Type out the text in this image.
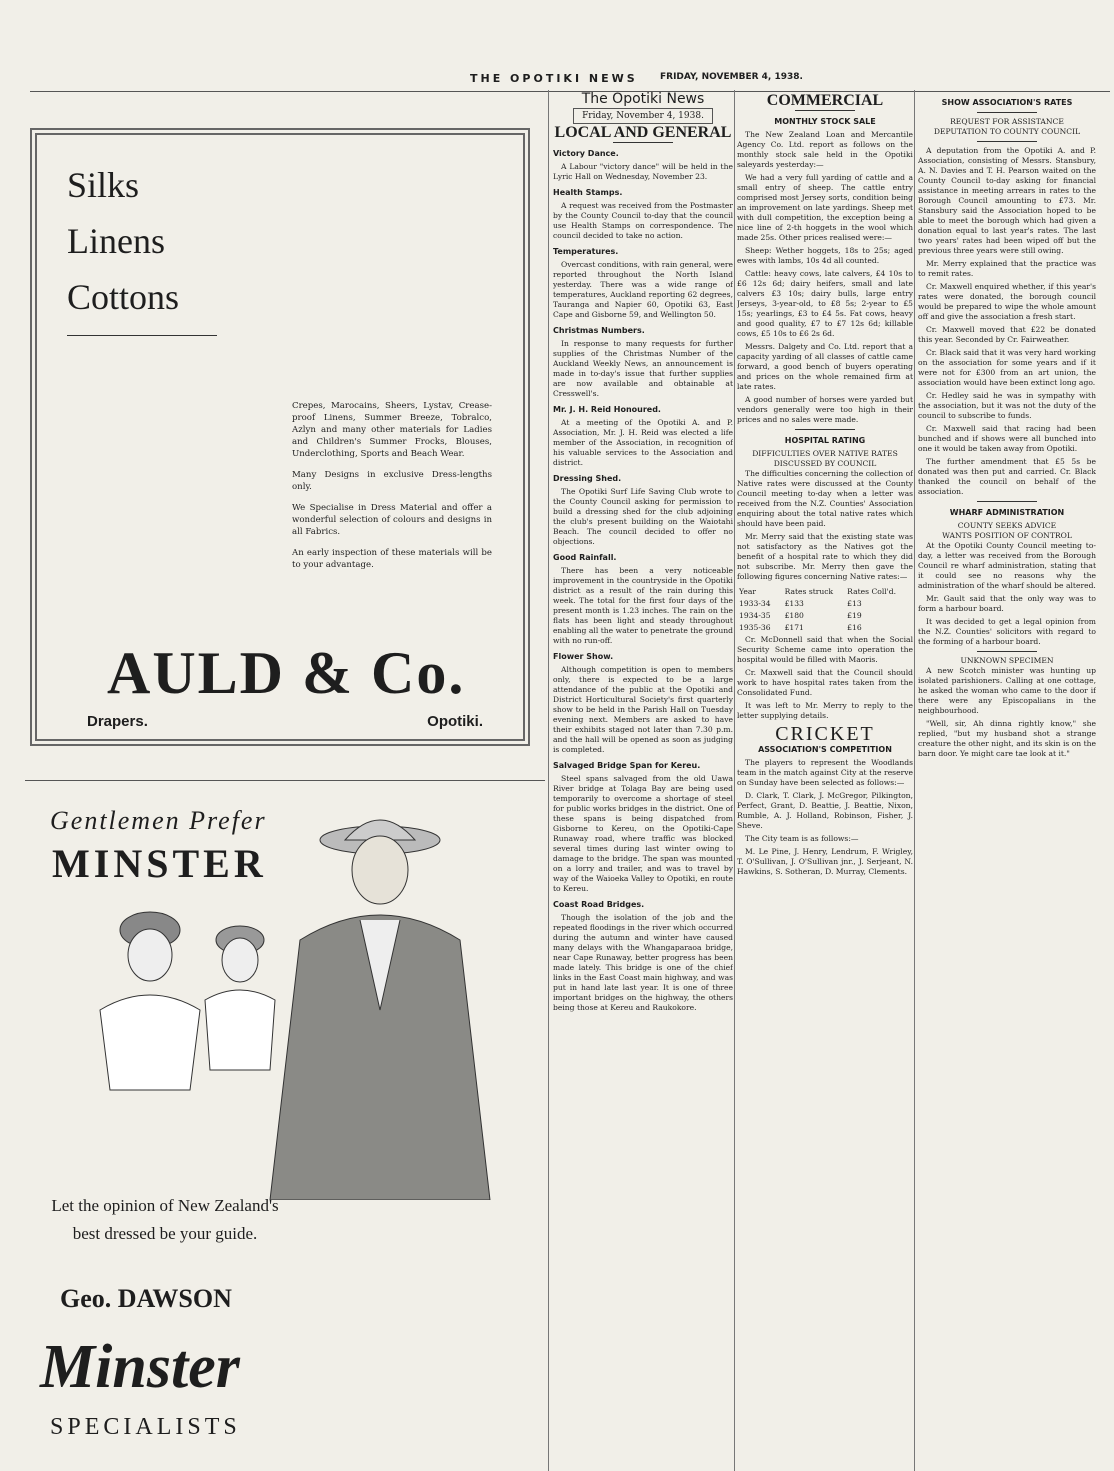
THE OPOTIKI NEWS FRIDAY, NOVEMBER 4, 1938.
Silks
Linens
Cottons

Crepes, Marocains, Sheers, Lystav, Crease-proof Linens, Summer Breeze, Tobralco, Azlyn and many other materials for Ladies and Children's Summer Frocks, Blouses, Underclothing, Sports and Beach Wear.

Many Designs in exclusive Dress-lengths only.

We Specialise in Dress Material and offer a wonderful selection of colours and designs in all Fabrics.

An early inspection of these materials will be to your advantage.

AULD & Co.
Drapers.	Opotiki.
Gentlemen Prefer
MINSTER
Let the opinion of New Zealand's best dressed be your guide.
Geo. DAWSON
Minster
SPECIALISTS
The Opotiki News
Friday, November 4, 1938.
LOCAL AND GENERAL
Victory Dance.

A Labour "victory dance" will be held in the Lyric Hall on Wednesday, November 23.

Health Stamps.

A request was received from the Postmaster by the County Council to-day that the council use Health Stamps on correspondence. The council decided to take no action.

Temperatures.

Overcast conditions, with rain general, were reported throughout the North Island yesterday. There was a wide range of temperatures, Auckland reporting 62 degrees, Tauranga and Napier 60, Opotiki 63, East Cape and Gisborne 59, and Wellington 50.

Christmas Numbers.

In response to many requests for further supplies of the Christmas Number of the Auckland Weekly News, an announcement is made in to-day's issue that further supplies are now available and obtainable at Cresswell's.

Mr. J. H. Reid Honoured.

At a meeting of the Opotiki A. and P. Association, Mr. J. H. Reid was elected a life member of the Association, in recognition of his valuable services to the Association and district.

Dressing Shed.

The Opotiki Surf Life Saving Club wrote to the County Council asking for permission to build a dressing shed for the club adjoining the club's present building on the Waiotahi Beach. The council decided to offer no objections.

Good Rainfall.

There has been a very noticeable improvement in the countryside in the Opotiki district as a result of the rain during this week. The total for the first four days of the present month is 1.23 inches. The rain on the flats has been light and steady throughout enabling all the water to penetrate the ground with no run-off.

Flower Show.

Although competition is open to members only, there is expected to be a large attendance of the public at the Opotiki and District Horticultural Society's first quarterly show to be held in the Parish Hall on Tuesday evening next. Members are asked to have their exhibits staged not later than 7.30 p.m. and the hall will be opened as soon as judging is completed.

Salvaged Bridge Span for Kereu.

Steel spans salvaged from the old Uawa River bridge at Tolaga Bay are being used temporarily to overcome a shortage of steel for public works bridges in the district. One of these spans is being dispatched from Gisborne to Kereu, on the Opotiki-Cape Runaway road, where traffic was blocked several times during last winter owing to damage to the bridge. The span was mounted on a lorry and trailer, and was to travel by way of the Waioeka Valley to Opotiki, en route to Kereu.

Coast Road Bridges.

Though the isolation of the job and the repeated floodings in the river which occurred during the autumn and winter have caused many delays with the Whangaparaoa bridge, near Cape Runaway, better progress has been made lately. This bridge is one of the chief links in the East Coast main highway, and was put in hand late last year. It is one of three important bridges on the highway, the others being those at Kereu and Raukokore.

COMMERCIAL
MONTHLY STOCK SALE

The New Zealand Loan and Mercantile Agency Co. Ltd. report as follows on the monthly stock sale held in the Opotiki saleyards yesterday:—

We had a very full yarding of cattle and a small entry of sheep. The cattle entry comprised most Jersey sorts, condition being an improvement on late yardings. Sheep met with dull competition, the exception being a nice line of 2-th hoggets in the wool which made 25s. Other prices realised were:—

Sheep: Wether hoggets, 18s to 25s; aged ewes with lambs, 10s 4d all counted.

Cattle: heavy cows, late calvers, £4 10s to £6 12s 6d; dairy heifers, small and late calvers £3 10s; dairy bulls, large entry Jerseys, 3-year-old, to £8 5s; 2-year to £5 15s; yearlings, £3 to £4 5s. Fat cows, heavy and good quality, £7 to £7 12s 6d; killable cows, £5 10s to £6 2s 6d.

Messrs. Dalgety and Co. Ltd. report that a capacity yarding of all classes of cattle came forward, a good bench of buyers operating and prices on the whole remained firm at late rates.

A good number of horses were yarded but vendors generally were too high in their prices and no sales were made.

HOSPITAL RATING
DIFFICULTIES OVER NATIVE RATES
DISCUSSED BY COUNCIL

The difficulties concerning the collection of Native rates were discussed at the County Council meeting to-day when a letter was received from the N.Z. Counties' Association enquiring about the total native rates which should have been paid.

Mr. Merry said that the existing state was not satisfactory as the Natives got the benefit of a hospital rate to which they did not subscribe. Mr. Merry then gave the following figures concerning Native rates:—

Year	Rates struck	Rates Coll'd.
1933-34	£133	£13
1934-35	£180	£19
1935-36	£171	£16

Cr. McDonnell said that when the Social Security Scheme came into operation the hospital would be filled with Maoris.

Cr. Maxwell said that the Council should work to have hospital rates taken from the Consolidated Fund.

It was left to Mr. Merry to reply to the letter supplying details.

CRICKET
ASSOCIATION'S COMPETITION

The players to represent the Woodlands team in the match against City at the reserve on Sunday have been selected as follows:—

D. Clark, T. Clark, J. McGregor, Pilkington, Perfect, Grant, D. Beattie, J. Beattie, Nixon, Rumble, A. J. Holland, Robinson, Fisher, J. Sheve.

The City team is as follows:—

M. Le Pine, J. Henry, Lendrum, F. Wrigley, T. O'Sullivan, J. O'Sullivan jnr., J. Serjeant, N. Hawkins, S. Sotheran, D. Murray, Clements.

SHOW ASSOCIATION'S RATES
REQUEST FOR ASSISTANCE
DEPUTATION TO COUNTY COUNCIL

A deputation from the Opotiki A. and P. Association, consisting of Messrs. Stansbury, A. N. Davies and T. H. Pearson waited on the County Council to-day asking for financial assistance in meeting arrears in rates to the Borough Council amounting to £73. Mr. Stansbury said the Association hoped to be able to meet the borough which had given a donation equal to last year's rates. The last two years' rates had been wiped off but the previous three years were still owing.

Mr. Merry explained that the practice was to remit rates.

Cr. Maxwell enquired whether, if this year's rates were donated, the borough council would be prepared to wipe the whole amount off and give the association a fresh start.

Cr. Maxwell moved that £22 be donated this year. Seconded by Cr. Fairweather.

Cr. Black said that it was very hard working on the association for some years and if it were not for £300 from an art union, the association would have been extinct long ago.

Cr. Hedley said he was in sympathy with the association, but it was not the duty of the council to subscribe to funds.

Cr. Maxwell said that racing had been bunched and if shows were all bunched into one it would be taken away from Opotiki.

The further amendment that £5 5s be donated was then put and carried. Cr. Black thanked the council on behalf of the association.

WHARF ADMINISTRATION
COUNTY SEEKS ADVICE
WANTS POSITION OF CONTROL

At the Opotiki County Council meeting to-day, a letter was received from the Borough Council re wharf administration, stating that it could see no reasons why the administration of the wharf should be altered.

Mr. Gault said that the only way was to form a harbour board.

It was decided to get a legal opinion from the N.Z. Counties' solicitors with regard to the forming of a harbour board.

UNKNOWN SPECIMEN

A new Scotch minister was hunting up isolated parishioners. Calling at one cottage, he asked the woman who came to the door if there were any Episcopalians in the neighbourhood.

"Well, sir, Ah dinna rightly know," she replied, "but my husband shot a strange creature the other night, and its skin is on the barn door. Ye might care tae look at it."
